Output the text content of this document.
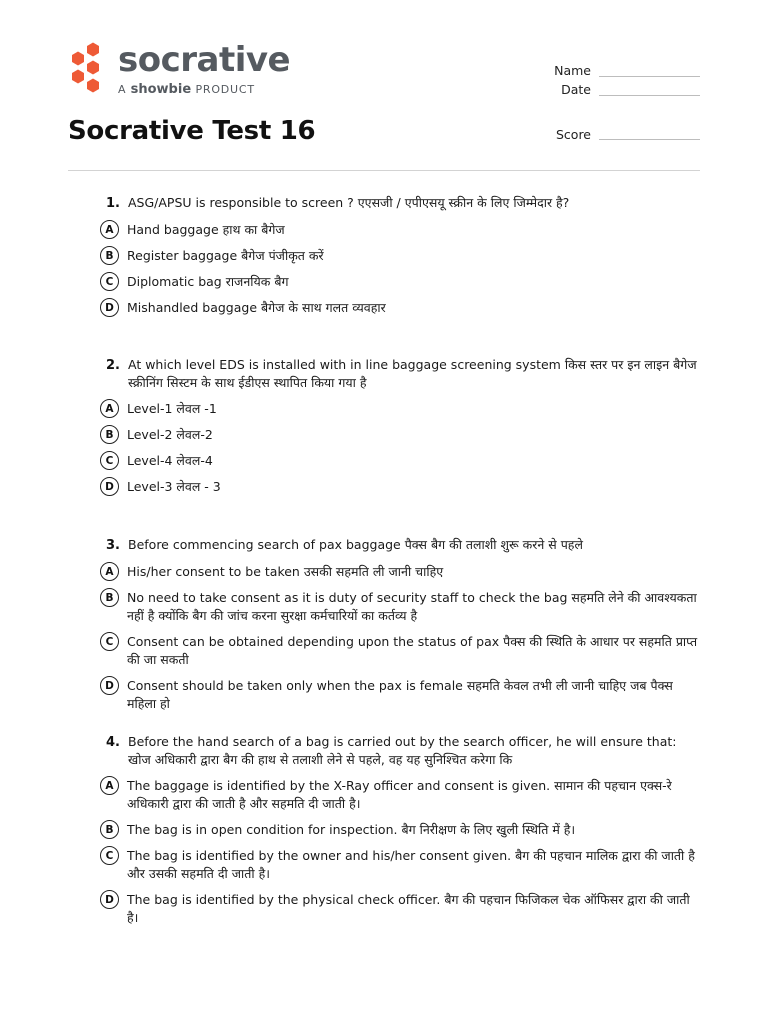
socrative
A showbie PRODUCT
Socrative Test 16
Name
Date
Score
1. ASG/APSU is responsible to screen ? एएसजी / एपीएसयू स्क्रीन के लिए जिम्मेदार है?
A	Hand baggage हाथ का बैगेज
B	Register baggage बैगेज पंजीकृत करें
C	Diplomatic bag राजनयिक बैग
D	Mishandled baggage बैगेज के साथ गलत व्यवहार
2. At which level EDS is installed with in line baggage screening system किस स्तर पर इन लाइन बैगेज स्क्रीनिंग सिस्टम के साथ ईडीएस स्थापित किया गया है
A	Level-1 लेवल -1
B	Level-2 लेवल-2
C	Level-4 लेवल-4
D	Level-3 लेवल - 3
3. Before commencing search of pax baggage पैक्स बैग की तलाशी शुरू करने से पहले
A	His/her consent to be taken उसकी सहमति ली जानी चाहिए
B	No need to take consent as it is duty of security staff to check the bag सहमति लेने की आवश्यकता नहीं है क्योंकि बैग की जांच करना सुरक्षा कर्मचारियों का कर्तव्य है
C	Consent can be obtained depending upon the status of pax पैक्स की स्थिति के आधार पर सहमति प्राप्त की जा सकती
D	Consent should be taken only when the pax is female सहमति केवल तभी ली जानी चाहिए जब पैक्स महिला हो
4. Before the hand search of a bag is carried out by the search officer, he will ensure that: खोज अधिकारी द्वारा बैग की हाथ से तलाशी लेने से पहले, वह यह सुनिश्चित करेगा कि
A	The baggage is identified by the X-Ray officer and consent is given. सामान की पहचान एक्स-रे अधिकारी द्वारा की जाती है और सहमति दी जाती है।
B	The bag is in open condition for inspection. बैग निरीक्षण के लिए खुली स्थिति में है।
C	The bag is identified by the owner and his/her consent given. बैग की पहचान मालिक द्वारा की जाती है और उसकी सहमति दी जाती है।
D	The bag is identified by the physical check officer. बैग की पहचान फिजिकल चेक ऑफिसर द्वारा की जाती है।
